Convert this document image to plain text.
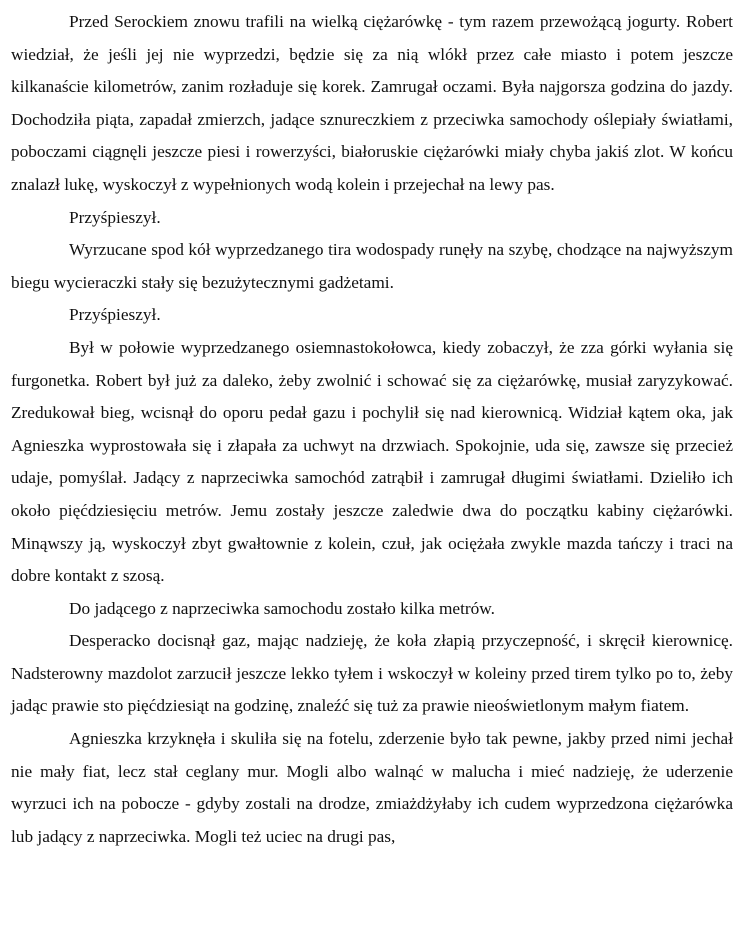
Przed Serockiem znowu trafili na wielką ciężarówkę - tym razem przewożącą jogurty. Robert wiedział, że jeśli jej nie wyprzedzi, będzie się za nią wlókł przez całe miasto i potem jeszcze kilkanaście kilometrów, zanim rozładuje się korek. Zamrugał oczami. Była najgorsza godzina do jazdy. Dochodziła piąta, zapadał zmierzch, jadące sznureczkiem z przeciwka samochody oślepiały światłami, poboczami ciągnęli jeszcze piesi i rowerzyści, białoruskie ciężarówki miały chyba jakiś zlot. W końcu znalazł lukę, wyskoczył z wypełnionych wodą kolein i przejechał na lewy pas.

Przyśpieszył.

Wyrzucane spod kół wyprzedzanego tira wodospady runęły na szybę, chodzące na najwyższym biegu wycieraczki stały się bezużytecznymi gadżetami.

Przyśpieszył.

Był w połowie wyprzedzanego osiemnastokołowca, kiedy zobaczył, że zza górki wyłania się furgonetka. Robert był już za daleko, żeby zwolnić i schować się za ciężarówkę, musiał zaryzykować. Zredukował bieg, wcisnął do oporu pedał gazu i pochylił się nad kierownicą. Widział kątem oka, jak Agnieszka wyprostowała się i złapała za uchwyt na drzwiach. Spokojnie, uda się, zawsze się przecież udaje, pomyślał. Jadący z naprzeciwka samochód zatrąbił i zamrugał długimi światłami. Dzieliło ich około pięćdziesięciu metrów. Jemu zostały jeszcze zaledwie dwa do początku kabiny ciężarówki. Minąwszy ją, wyskoczył zbyt gwałtownie z kolein, czuł, jak ociężała zwykle mazda tańczy i traci na dobre kontakt z szosą.

Do jadącego z naprzeciwka samochodu zostało kilka metrów.

Desperacko docisnął gaz, mając nadzieję, że koła złapią przyczepność, i skręcił kierownicę. Nadsterowny mazdolot zarzucił jeszcze lekko tyłem i wskoczył w koleiny przed tirem tylko po to, żeby jadąc prawie sto pięćdziesiąt na godzinę, znaleźć się tuż za prawie nieoświetlonym małym fiatem.

Agnieszka krzyknęła i skuliła się na fotelu, zderzenie było tak pewne, jakby przed nimi jechał nie mały fiat, lecz stał ceglany mur. Mogli albo walnąć w malucha i mieć nadzieję, że uderzenie wyrzuci ich na pobocze - gdyby zostali na drodze, zmiażdżyłaby ich cudem wyprzedzona ciężarówka lub jadący z naprzeciwka. Mogli też uciec na drugi pas,
